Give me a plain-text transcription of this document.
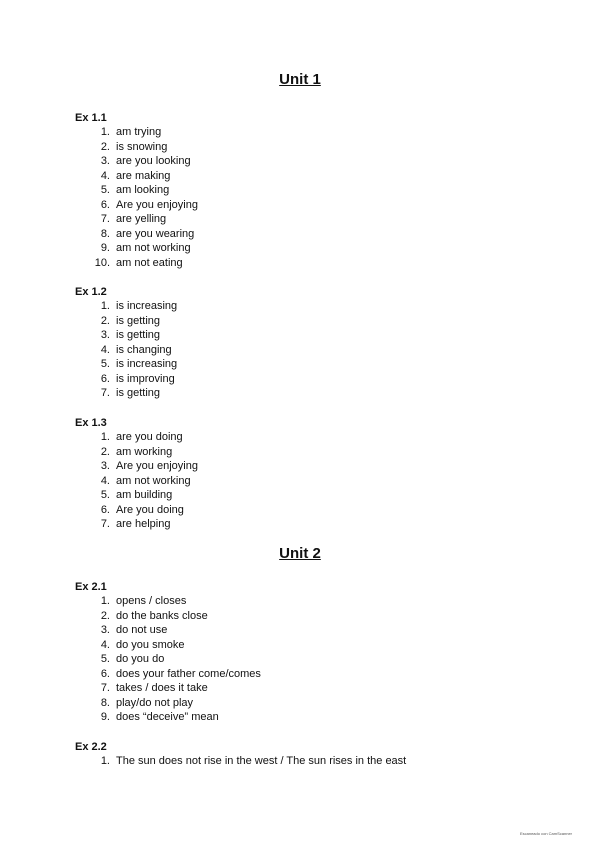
Unit 1
Ex 1.1
1. am trying
2. is snowing
3. are you looking
4. are making
5. am looking
6. Are you enjoying
7. are yelling
8. are you wearing
9. am not working
10. am not eating
Ex 1.2
1. is increasing
2. is getting
3. is getting
4. is changing
5. is increasing
6. is improving
7. is getting
Ex 1.3
1. are you doing
2. am working
3. Are you enjoying
4. am not working
5. am building
6. Are you doing
7. are helping
Unit 2
Ex 2.1
1. opens / closes
2. do the banks close
3. do not use
4. do you smoke
5. do you do
6. does your father come/comes
7. takes / does it take
8. play/do not play
9. does “deceive” mean
Ex 2.2
1. The sun does not rise in the west / The sun rises in the east
Escaneado con CamScanner
